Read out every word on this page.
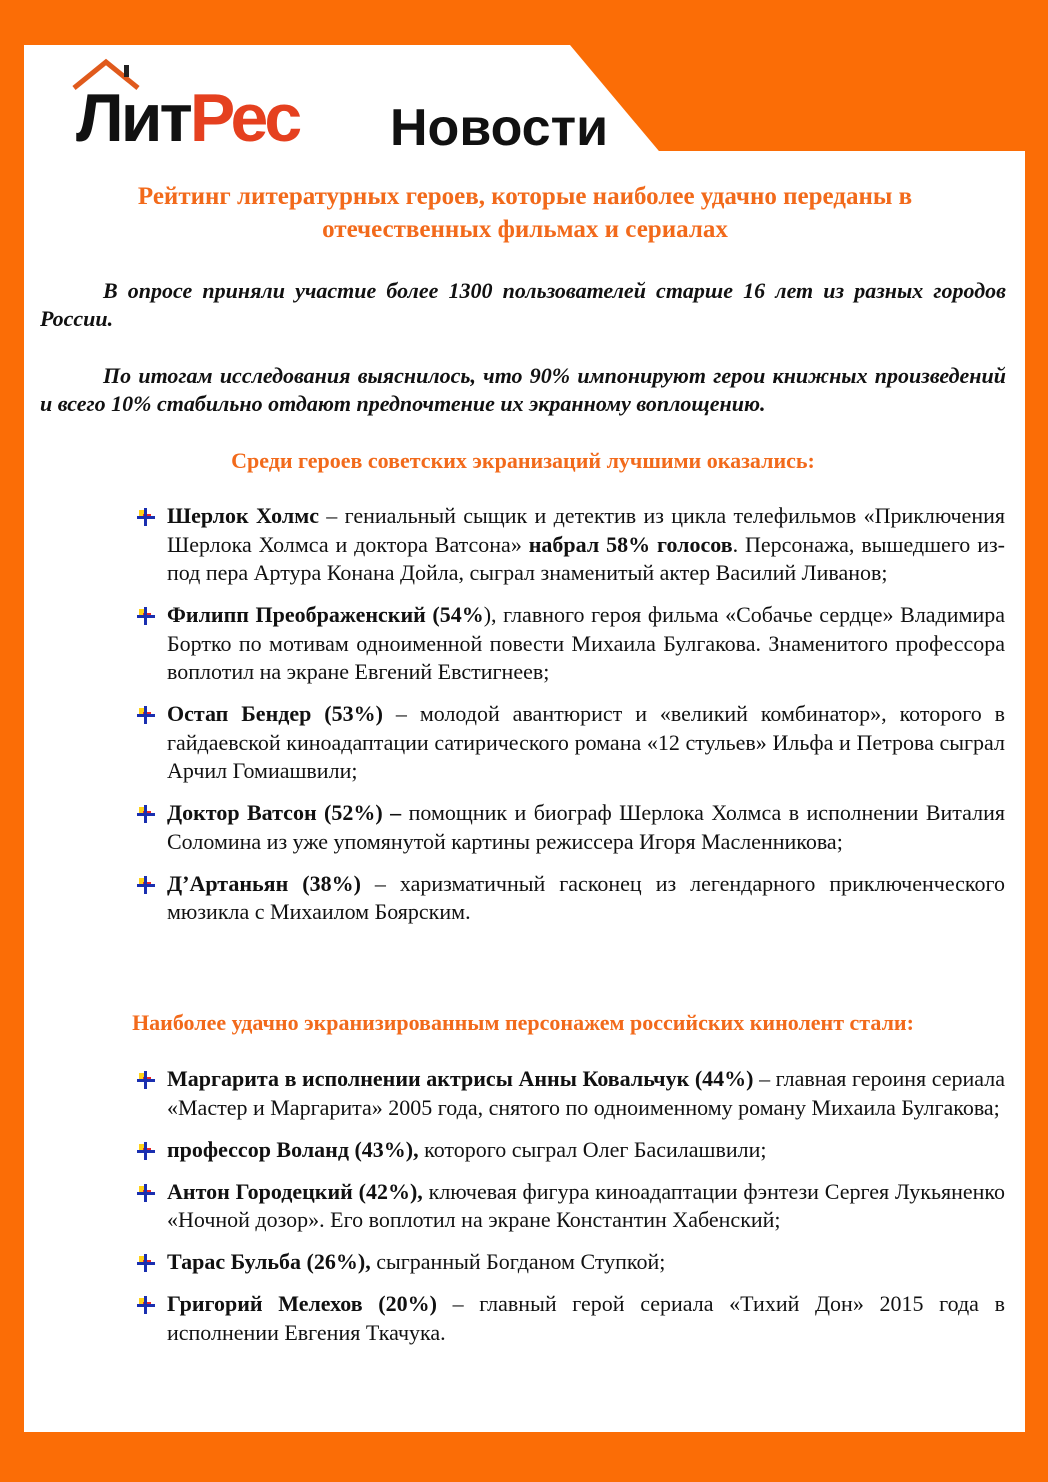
ЛитРес Новости
Рейтинг литературных героев, которые наиболее удачно переданы в отечественных фильмах и сериалах
В опросе приняли участие более 1300 пользователей старше 16 лет из разных городов России.
По итогам исследования выяснилось, что 90% импонируют герои книжных произведений и всего 10% стабильно отдают предпочтение их экранному воплощению.
Среди героев советских экранизаций лучшими оказались:
Шерлок Холмс – гениальный сыщик и детектив из цикла телефильмов «Приключения Шерлока Холмса и доктора Ватсона» набрал 58% голосов. Персонажа, вышедшего из-под пера Артура Конана Дойла, сыграл знаменитый актер Василий Ливанов;
Филипп Преображенский (54%), главного героя фильма «Собачье сердце» Владимира Бортко по мотивам одноименной повести Михаила Булгакова. Знаменитого профессора воплотил на экране Евгений Евстигнеев;
Остап Бендер (53%) – молодой авантюрист и «великий комбинатор», которого в гайдаевской киноадаптации сатирического романа «12 стульев» Ильфа и Петрова сыграл Арчил Гомиашвили;
Доктор Ватсон (52%) – помощник и биограф Шерлока Холмса в исполнении Виталия Соломина из уже упомянутой картины режиссера Игоря Масленникова;
Д’Артаньян (38%) – харизматичный гасконец из легендарного приключенческого мюзикла с Михаилом Боярским.
Наиболее удачно экранизированным персонажем российских кинолент стали:
Маргарита в исполнении актрисы Анны Ковальчук (44%) – главная героиня сериала «Мастер и Маргарита» 2005 года, снятого по одноименному роману Михаила Булгакова;
профессор Воланд (43%), которого сыграл Олег Басилашвили;
Антон Городецкий (42%), ключевая фигура киноадаптации фэнтези Сергея Лукьяненко «Ночной дозор». Его воплотил на экране Константин Хабенский;
Тарас Бульба (26%), сыгранный Богданом Ступкой;
Григорий Мелехов (20%) – главный герой сериала «Тихий Дон» 2015 года в исполнении Евгения Ткачука.
